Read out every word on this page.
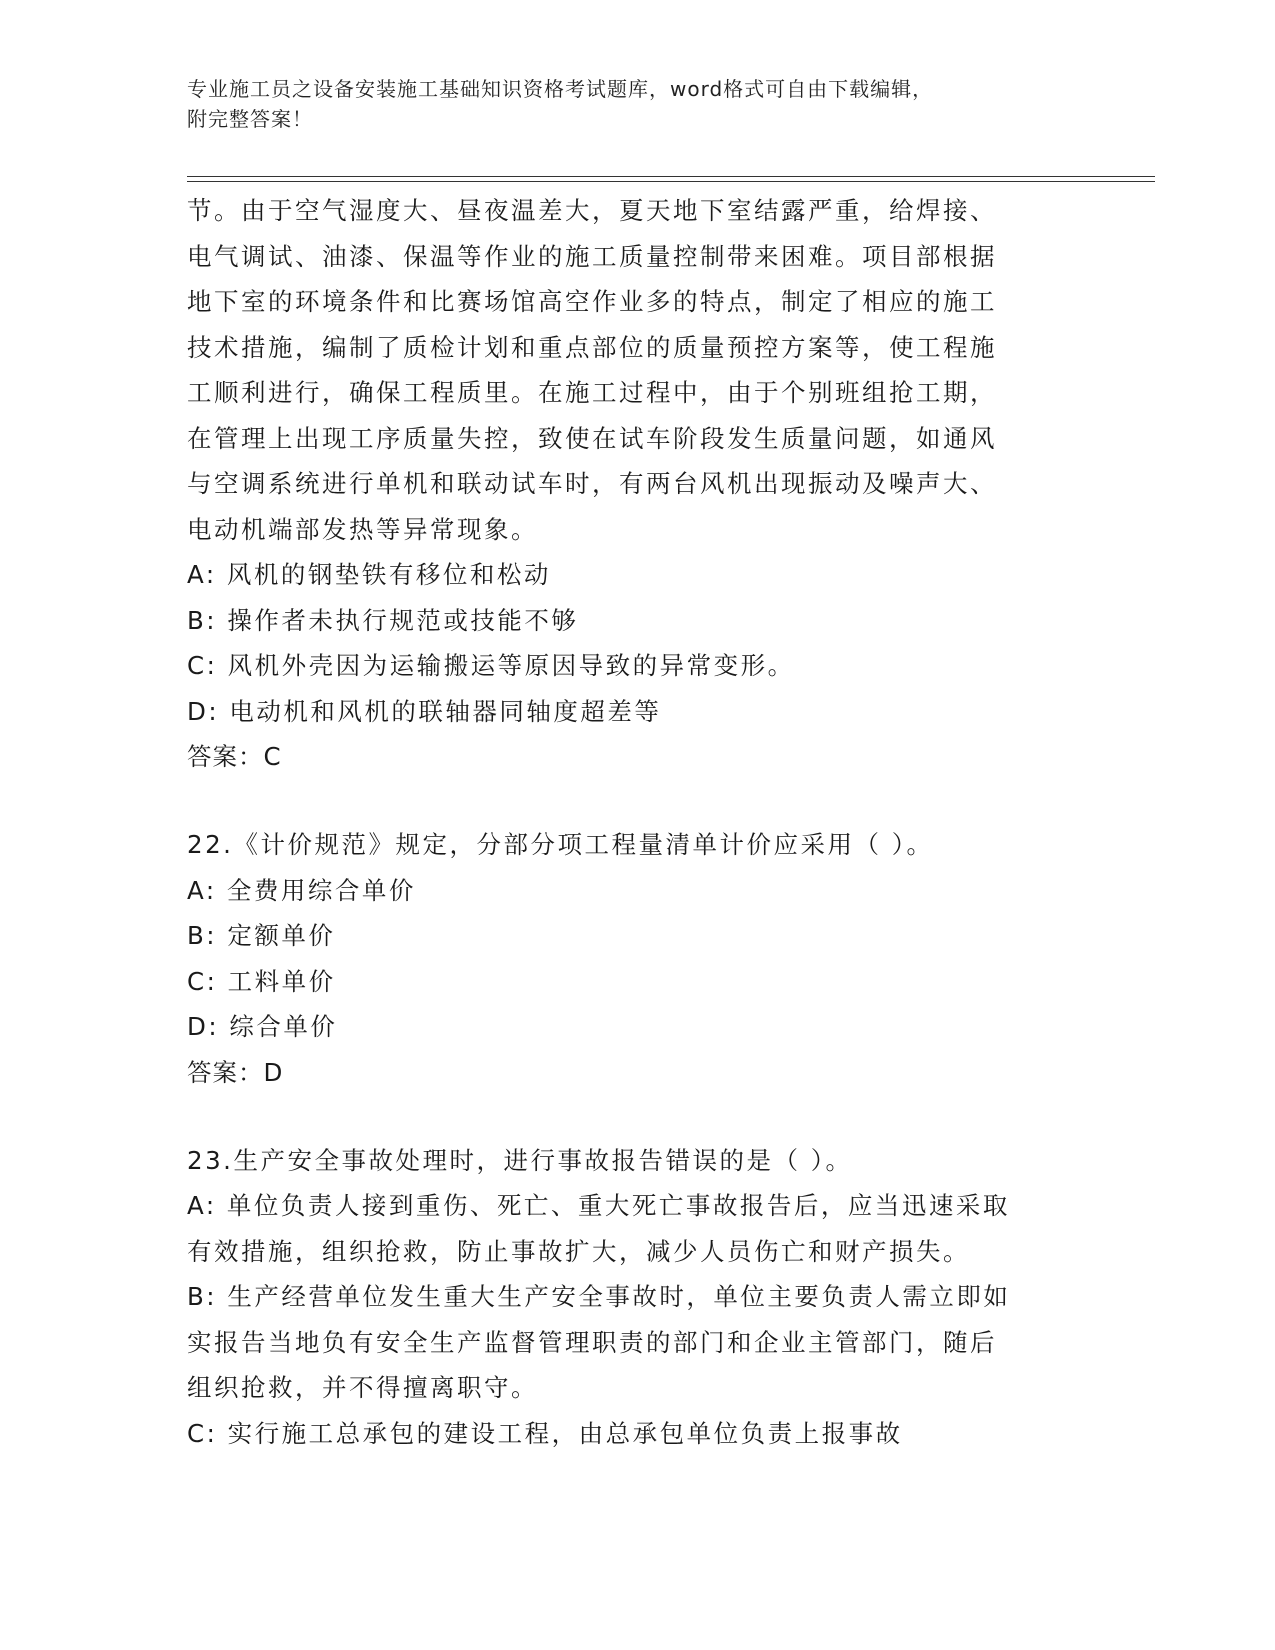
专业施工员之设备安装施工基础知识资格考试题库，word格式可自由下载编辑，
附完整答案！
节。由于空气湿度大、昼夜温差大，夏天地下室结露严重，给焊接、
电气调试、油漆、保温等作业的施工质量控制带来困难。项目部根据
地下室的环境条件和比赛场馆高空作业多的特点，制定了相应的施工
技术措施，编制了质检计划和重点部位的质量预控方案等，使工程施
工顺利进行，确保工程质里。在施工过程中，由于个别班组抢工期，
在管理上出现工序质量失控，致使在试车阶段发生质量问题，如通风
与空调系统进行单机和联动试车时，有两台风机出现振动及噪声大、
电动机端部发热等异常现象。
A: 风机的钢垫铁有移位和松动
B: 操作者未执行规范或技能不够
C: 风机外壳因为运输搬运等原因导致的异常变形。
D: 电动机和风机的联轴器同轴度超差等
答案：C
22.《计价规范》规定，分部分项工程量清单计价应采用（ ）。
A: 全费用综合单价
B: 定额单价
C: 工料单价
D: 综合单价
答案：D
23.生产安全事故处理时，进行事故报告错误的是（ ）。
A: 单位负责人接到重伤、死亡、重大死亡事故报告后，应当迅速采取
有效措施，组织抢救，防止事故扩大，减少人员伤亡和财产损失。
B: 生产经营单位发生重大生产安全事故时，单位主要负责人需立即如
实报告当地负有安全生产监督管理职责的部门和企业主管部门，随后
组织抢救，并不得擅离职守。
C: 实行施工总承包的建设工程，由总承包单位负责上报事故
